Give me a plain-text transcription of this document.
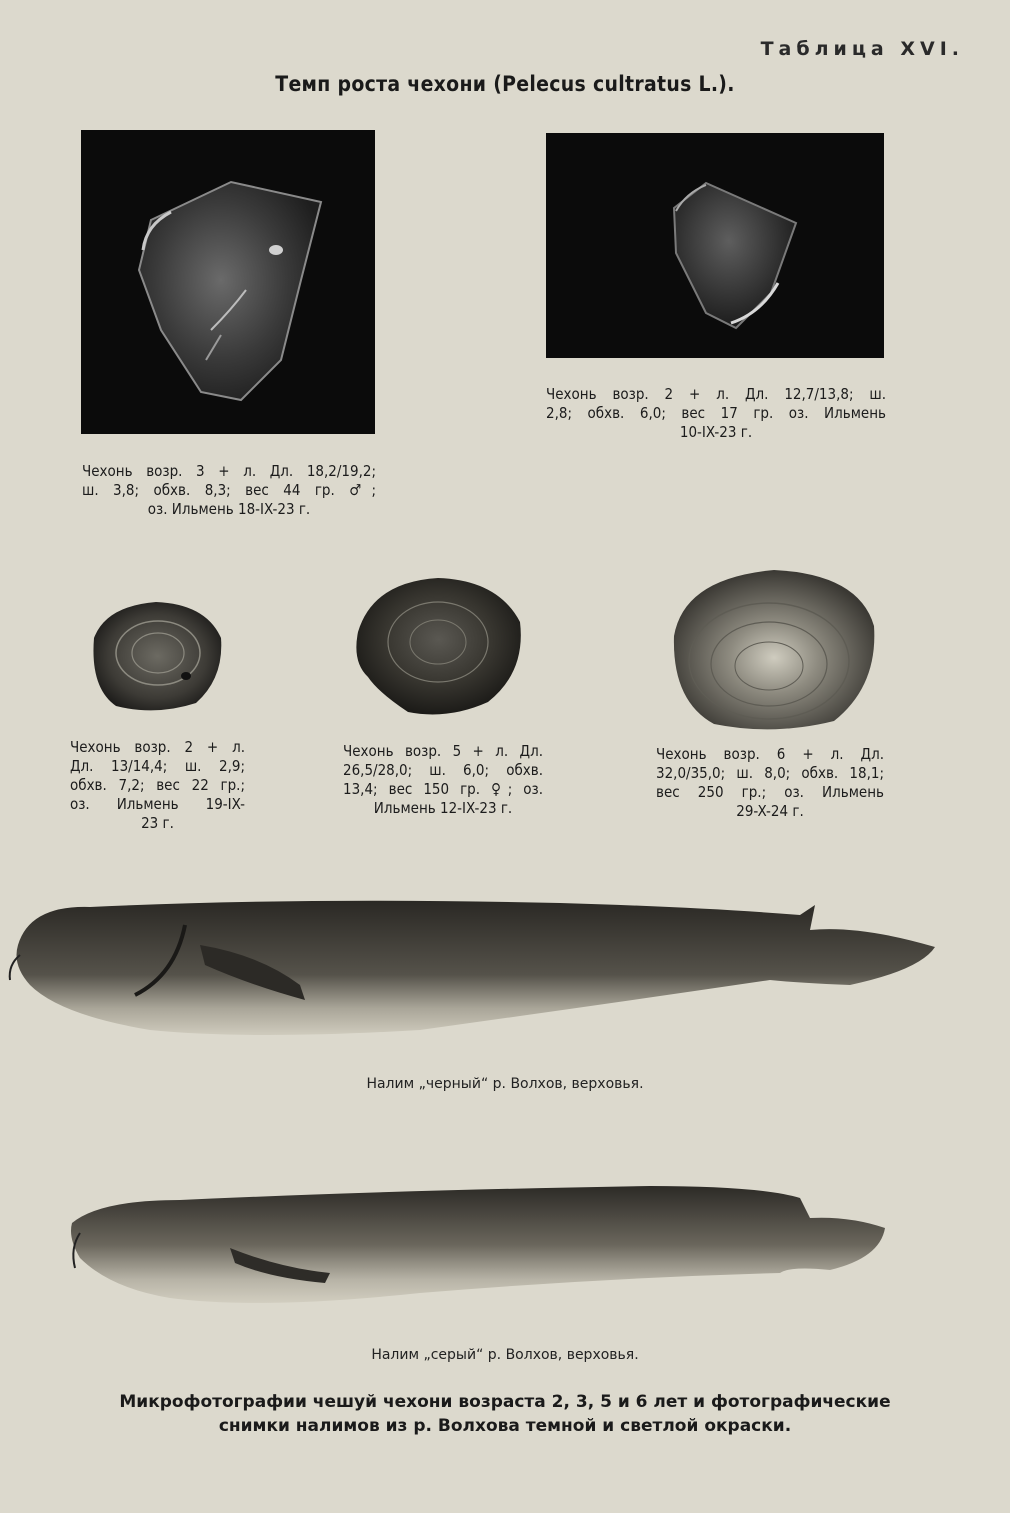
Таблица XVI.
Темп роста чехони (Pelecus cultratus L.).
Чехонь возр. 3 + л. Дл. 18,2/19,2;
ш. 3,8; обхв. 8,3; вес 44 гр. ♂;
оз. Ильмень 18-IX-23 г.
Чехонь возр. 2 + л. Дл. 12,7/13,8; ш.
2,8; обхв. 6,0; вес 17 гр. оз. Ильмень
10-IX-23 г.
Чехонь возр. 2 + л.
Дл. 13/14,4; ш. 2,9;
обхв. 7,2; вес 22 гр.;
оз. Ильмень 19-IX-
23 г.
Чехонь возр. 5 + л. Дл.
26,5/28,0; ш. 6,0; обхв.
13,4; вес 150 гр. ♀; оз.
Ильмень 12-IX-23 г.
Чехонь возр. 6 + л. Дл.
32,0/35,0; ш. 8,0; обхв. 18,1;
вес 250 гр.; оз. Ильмень
29-X-24 г.
Налим „черный“ р. Волхов, верховья.
Налим „серый“ р. Волхов, верховья.
Микрофотографии чешуй чехони возраста 2, 3, 5 и 6 лет и фотографические
снимки налимов из р. Волхова темной и светлой окраски.
